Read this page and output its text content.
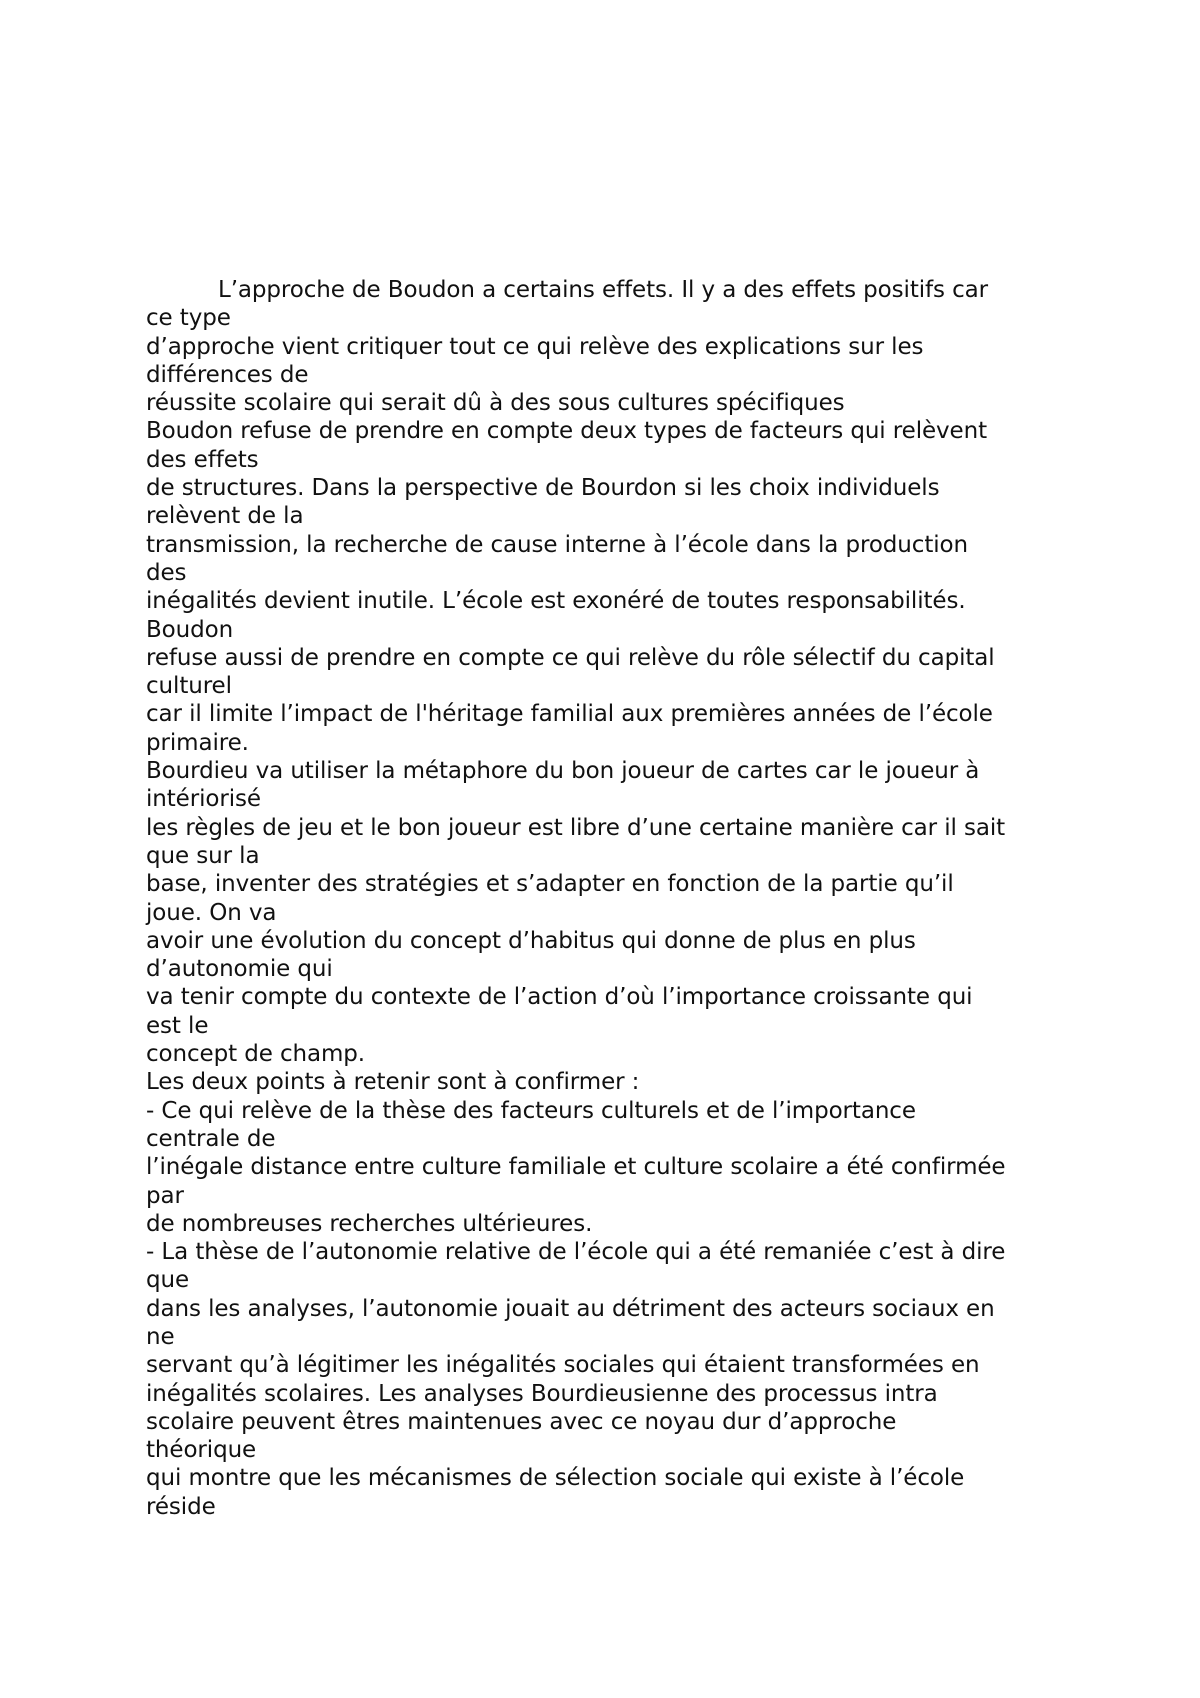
L’approche de Boudon a certains effets. Il y a des effets positifs car
ce type
d’approche vient critiquer tout ce qui relève des explications sur les
différences de
réussite scolaire qui serait dû à des sous cultures spécifiques
Boudon refuse de prendre en compte deux types de facteurs qui relèvent
des effets
de structures. Dans la perspective de Bourdon si les choix individuels
relèvent de la
transmission, la recherche de cause interne à l’école dans la production
des
inégalités devient inutile. L’école est exonéré de toutes responsabilités.
Boudon
refuse aussi de prendre en compte ce qui relève du rôle sélectif du capital
culturel
car il limite l’impact de l'héritage familial aux premières années de l’école
primaire.
Bourdieu va utiliser la métaphore du bon joueur de cartes car le joueur à
intériorisé
les règles de jeu et le bon joueur est libre d’une certaine manière car il sait
que sur la
base, inventer des stratégies et s’adapter en fonction de la partie qu’il
joue. On va
avoir une évolution du concept d’habitus qui donne de plus en plus
d’autonomie qui
va tenir compte du contexte de l’action d’où l’importance croissante qui
est le
concept de champ.
Les deux points à retenir sont à confirmer :
- Ce qui relève de la thèse des facteurs culturels et de l’importance
centrale de
l’inégale distance entre culture familiale et culture scolaire a été confirmée
par
de nombreuses recherches ultérieures.
- La thèse de l’autonomie relative de l’école qui a été remaniée c’est à dire
que
dans les analyses, l’autonomie jouait au détriment des acteurs sociaux en
ne
servant qu’à légitimer les inégalités sociales qui étaient transformées en
inégalités scolaires. Les analyses Bourdieusienne des processus intra
scolaire peuvent êtres maintenues avec ce noyau dur d’approche
théorique
qui montre que les mécanismes de sélection sociale qui existe à l’école
réside
